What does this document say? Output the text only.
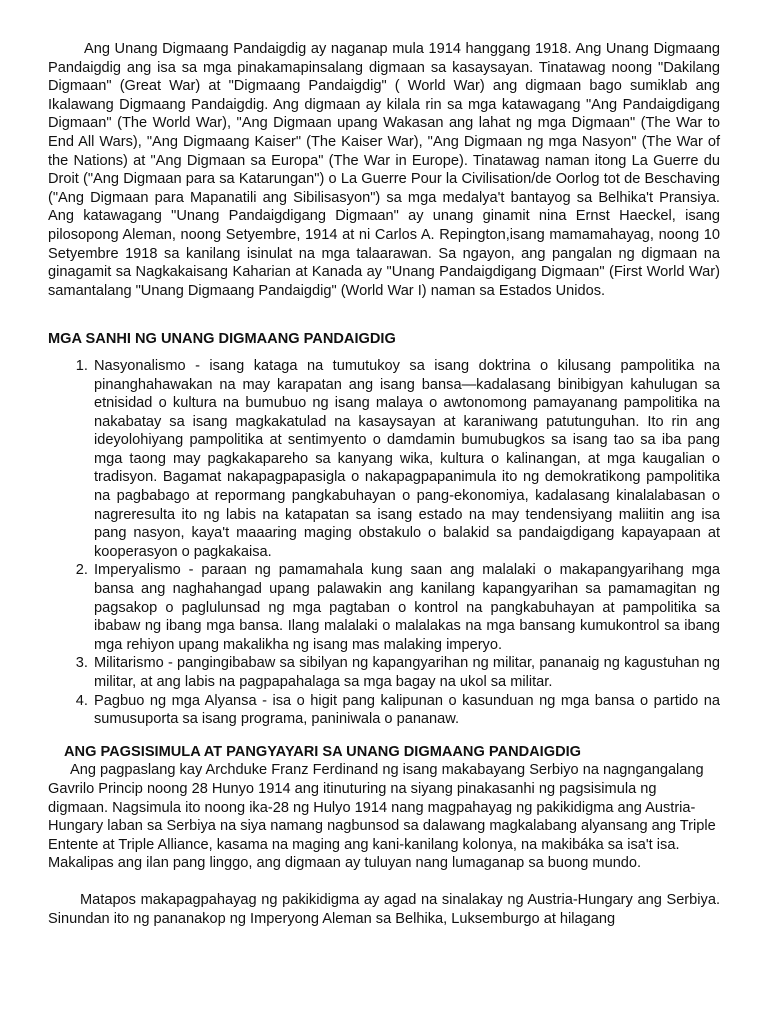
Ang Unang Digmaang Pandaigdig ay naganap mula 1914 hanggang 1918. Ang Unang Digmaang Pandaigdig ang isa sa mga pinakamapinsalang digmaan sa kasaysayan. Tinatawag noong "Dakilang Digmaan" (Great War) at "Digmaang Pandaigdig" ( World War) ang digmaan bago sumiklab ang Ikalawang Digmaang Pandaigdig. Ang digmaan ay kilala rin sa mga katawagang "Ang Pandaigdigang Digmaan" (The World War), "Ang Digmaan upang Wakasan ang lahat ng mga Digmaan" (The War to End All Wars), "Ang Digmaang Kaiser" (The Kaiser War), "Ang Digmaan ng mga Nasyon" (The War of the Nations) at "Ang Digmaan sa Europa" (The War in Europe). Tinatawag naman itong La Guerre du Droit ("Ang Digmaan para sa Katarungan") o La Guerre Pour la Civilisation/de Oorlog tot de Beschaving ("Ang Digmaan para Mapanatili ang Sibilisasyon") sa mga medalya't bantayog sa Belhika't Pransiya. Ang katawagang "Unang Pandaigdigang Digmaan" ay unang ginamit nina Ernst Haeckel, isang pilosopong Aleman, noong Setyembre, 1914 at ni Carlos A. Repington,isang mamamahayag, noong 10 Setyembre 1918 sa kanilang isinulat na mga talaarawan. Sa ngayon, ang pangalan ng digmaan na ginagamit sa Nagkakaisang Kaharian at Kanada ay "Unang Pandaigdigang Digmaan" (First World War) samantalang "Unang Digmaang Pandaigdig" (World War I) naman sa Estados Unidos.

MGA SANHI NG UNANG DIGMAANG PANDAIGDIG

1. Nasyonalismo - isang kataga na tumutukoy sa isang doktrina o kilusang pampolitika na pinanghahawakan na may karapatan ang isang bansa—kadalasang binibigyan kahulugan sa etnisidad o kultura na bumubuo ng isang malaya o awtonomong pamayanang pampolitika na nakabatay sa isang magkakatulad na kasaysayan at karaniwang patutunguhan. Ito rin ang ideyolohiyang pampolitika at sentimyento o damdamin bumubugkos sa isang tao sa iba pang mga taong may pagkakapareho sa kanyang wika, kultura o kalinangan, at mga kaugalian o tradisyon. Bagamat nakapagpapasigla o nakapagpapanimula ito ng demokratikong pampolitika na pagbabago at repormang pangkabuhayan o pang-ekonomiya, kadalasang kinalalabasan o nagreresulta ito ng labis na katapatan sa isang estado na may tendensiyang maliitin ang isa pang nasyon, kaya't maaaring maging obstakulo o balakid sa pandaigdigang kapayapaan at kooperasyon o pagkakaisa.
2. Imperyalismo - paraan ng pamamahala kung saan ang malalaki o makapangyarihang mga bansa ang naghahangad upang palawakin ang kanilang kapangyarihan sa pamamagitan ng pagsakop o paglulunsad ng mga pagtaban o kontrol na pangkabuhayan at pampolitika sa ibabaw ng ibang mga bansa. Ilang malalaki o malalakas na mga bansang kumukontrol sa ibang mga rehiyon upang makalikha ng isang mas malaking imperyo.
3. Militarismo - pangingibabaw sa sibilyan ng kapangyarihan ng militar, pananaig ng kagustuhan ng militar, at ang labis na pagpapahalaga sa mga bagay na ukol sa militar.
4. Pagbuo ng mga Alyansa - isa o higit pang kalipunan o kasunduan ng mga bansa o partido na sumusuporta sa isang programa, paniniwala o pananaw.

ANG PAGSISIMULA AT PANGYAYARI SA UNANG DIGMAANG PANDAIGDIG

Ang pagpaslang kay Archduke Franz Ferdinand ng isang makabayang Serbiyo na nagngangalang Gavrilo Princip noong 28 Hunyo 1914 ang itinuturing na siyang pinakasanhi ng pagsisimula ng digmaan. Nagsimula ito noong ika-28 ng Hulyo 1914 nang magpahayag ng pakikidigma ang Austria-Hungary laban sa Serbiya na siya namang nagbunsod sa dalawang magkalabang alyansang ang Triple Entente at Triple Alliance, kasama na maging ang kani-kanilang kolonya, na makibáka sa isa't isa. Makalipas ang ilan pang linggo, ang digmaan ay tuluyan nang lumaganap sa buong mundo.

Matapos makapagpahayag ng pakikidigma ay agad na sinalakay ng Austria-Hungary ang Serbiya. Sinundan ito ng pananakop ng Imperyong Aleman sa Belhika, Luksemburgo at hilagang
